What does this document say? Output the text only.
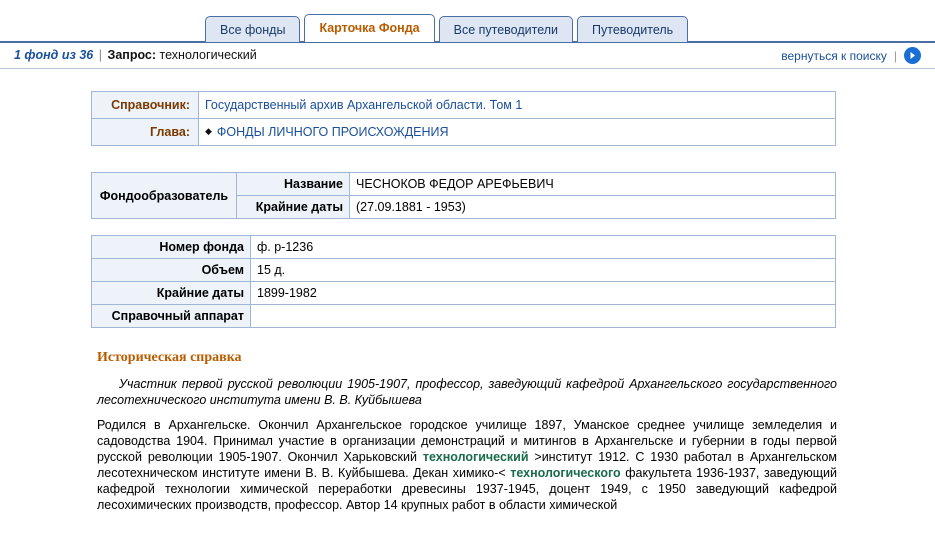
Все фонды	Карточка Фонда	Все путеводители	Путеводитель
1 фонд из 36 | Запрос: технологический	вернуться к поиску |
Справочник:	Государственный архив Архангельской области. Том 1
Глава:	◆ ФОНДЫ ЛИЧНОГО ПРОИСХОЖДЕНИЯ
Фондообразователь	Название	ЧЕСНОКОВ ФЕДОР АРЕФЬЕВИЧ
	Крайние даты	(27.09.1881 - 1953)
Номер фонда	ф. р-1236
Объем	15 д.
Крайние даты	1899-1982
Справочный аппарат	
Историческая справка

Участник первой русской революции 1905-1907, профессор, заведующий кафедрой Архангельского государственного лесотехнического института имени В. В. Куйбышева

Родился в Архангельске. Окончил Архангельское городское училище 1897, Уманское среднее училище земледелия и садоводства 1904. Принимал участие в организации демонстраций и митингов в Архангельске и губернии в годы первой русской революции 1905-1907. Окончил Харьковский технологический >институт 1912. С 1930 работал в Архангельском лесотехническом институте имени В. В. Куйбышева. Декан химико-< технологического факультета 1936-1937, заведующий кафедрой технологии химической переработки древесины 1937-1945, доцент 1949, с 1950 заведующий кафедрой лесохимических производств, профессор. Автор 14 крупных работ в области химической
